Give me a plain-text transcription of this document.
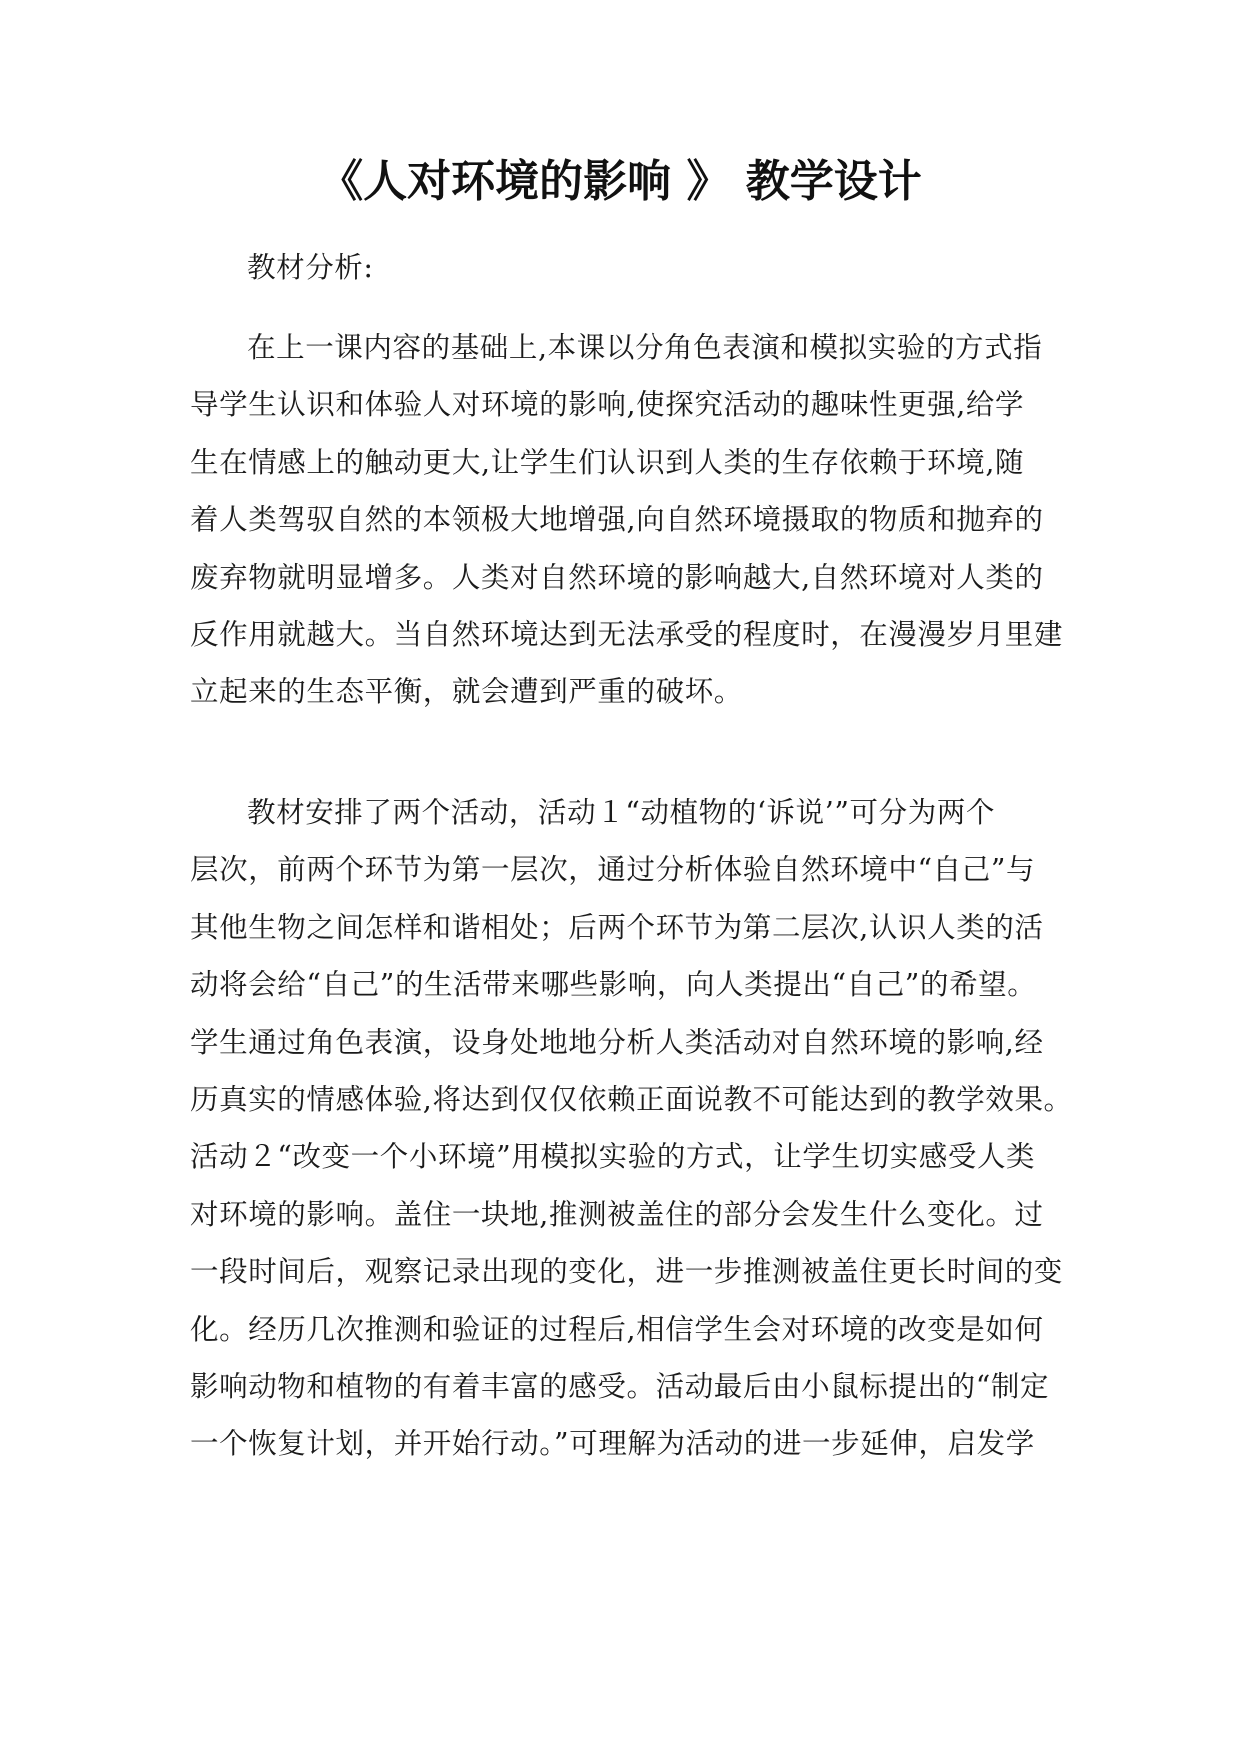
《人对环境的影响 》 教学设计
教材分析:
在上一课内容的基础上,本课以分角色表演和模拟实验的方式指
导学生认识和体验人对环境的影响,使探究活动的趣味性更强,给学
生在情感上的触动更大,让学生们认识到人类的生存依赖于环境,随
着人类驾驭自然的本领极大地增强,向自然环境摄取的物质和抛弃的
废弃物就明显增多。人类对自然环境的影响越大,自然环境对人类的
反作用就越大。当自然环境达到无法承受的程度时，在漫漫岁月里建
立起来的生态平衡，就会遭到严重的破坏。
教材安排了两个活动，活动１“动植物的‘诉说’”可分为两个
层次，前两个环节为第一层次，通过分析体验自然环境中“自己”与
其他生物之间怎样和谐相处；后两个环节为第二层次,认识人类的活
动将会给“自己”的生活带来哪些影响，向人类提出“自己”的希望。
学生通过角色表演，设身处地地分析人类活动对自然环境的影响,经
历真实的情感体验,将达到仅仅依赖正面说教不可能达到的教学效果。
活动２“改变一个小环境”用模拟实验的方式，让学生切实感受人类
对环境的影响。盖住一块地,推测被盖住的部分会发生什么变化。过
一段时间后，观察记录出现的变化，进一步推测被盖住更长时间的变
化。经历几次推测和验证的过程后,相信学生会对环境的改变是如何
影响动物和植物的有着丰富的感受。活动最后由小鼠标提出的“制定
一个恢复计划，并开始行动。”可理解为活动的进一步延伸，启发学
